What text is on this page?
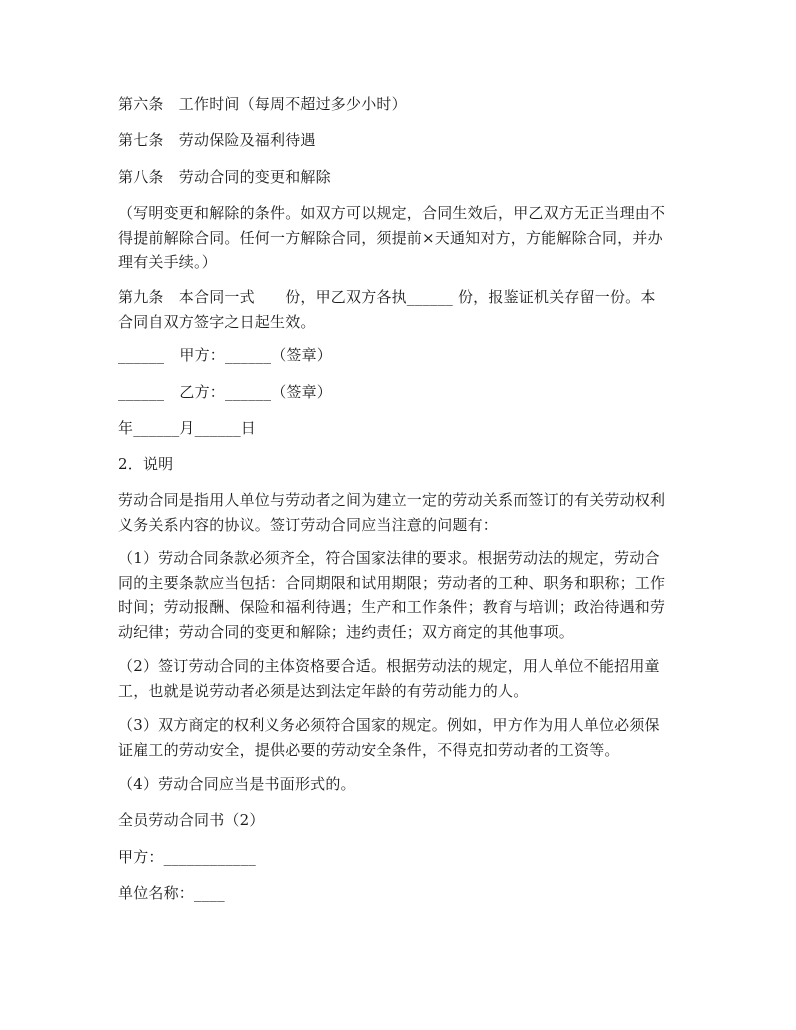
第六条　工作时间（每周不超过多少小时）
第七条　劳动保险及福利待遇
第八条　劳动合同的变更和解除
（写明变更和解除的条件。如双方可以规定，合同生效后，甲乙双方无正当理由不
得提前解除合同。任何一方解除合同，须提前×天通知对方，方能解除合同，并办
理有关手续。）
第九条　本合同一式　　份，甲乙双方各执______ 份，报鉴证机关存留一份。本
合同自双方签字之日起生效。
______　甲方：______（签章）
______　乙方：______（签章）
年______月______日
2．说明
劳动合同是指用人单位与劳动者之间为建立一定的劳动关系而签订的有关劳动权利
义务关系内容的协议。签订劳动合同应当注意的问题有：
（1）劳动合同条款必须齐全，符合国家法律的要求。根据劳动法的规定，劳动合
同的主要条款应当包括：合同期限和试用期限；劳动者的工种、职务和职称；工作
时间；劳动报酬、保险和福利待遇；生产和工作条件；教育与培训；政治待遇和劳
动纪律；劳动合同的变更和解除；违约责任；双方商定的其他事项。
（2）签订劳动合同的主体资格要合适。根据劳动法的规定，用人单位不能招用童
工，也就是说劳动者必须是达到法定年龄的有劳动能力的人。
（3）双方商定的权利义务必须符合国家的规定。例如，甲方作为用人单位必须保
证雇工的劳动安全，提供必要的劳动安全条件，不得克扣劳动者的工资等。
（4）劳动合同应当是书面形式的。
全员劳动合同书（2）
甲方：____________
单位名称：____
